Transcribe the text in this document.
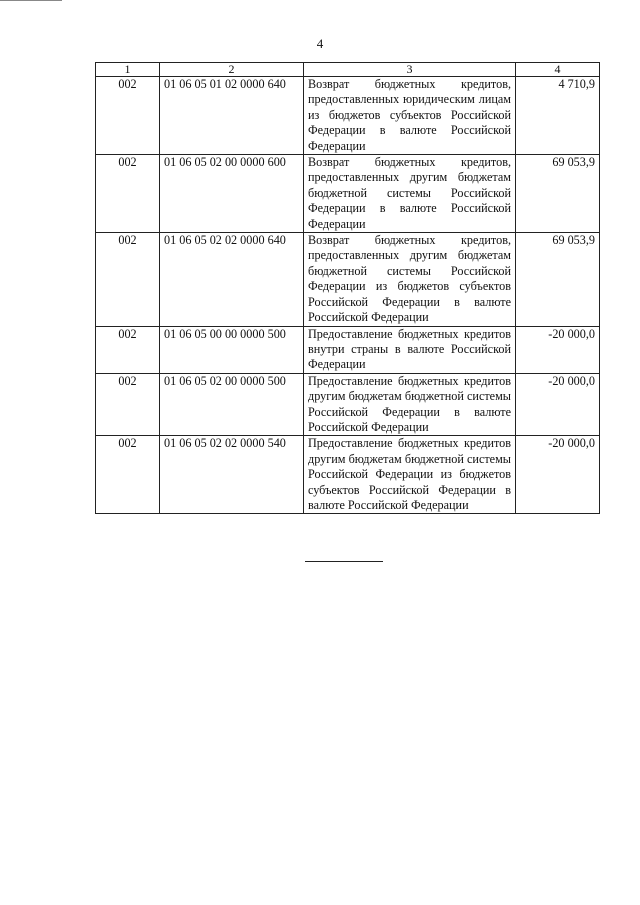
4
1	2	3	4
002	01 06 05 01 02 0000 640	Возврат бюджетных кредитов, предоставленных юридическим лицам из бюджетов субъектов Российской Федерации в валюте Российской Федерации	4 710,9
002	01 06 05 02 00 0000 600	Возврат бюджетных кредитов, предоставленных другим бюджетам бюджетной системы Российской Федерации в валюте Российской Федерации	69 053,9
002	01 06 05 02 02 0000 640	Возврат бюджетных кредитов, предоставленных другим бюджетам бюджетной системы Российской Федерации из бюджетов субъектов Российской Федерации в валюте Российской Федерации	69 053,9
002	01 06 05 00 00 0000 500	Предоставление бюджетных кредитов внутри страны в валюте Российской Федерации	-20 000,0
002	01 06 05 02 00 0000 500	Предоставление бюджетных кредитов другим бюджетам бюджетной системы Российской Федерации в валюте Российской Федерации	-20 000,0
002	01 06 05 02 02 0000 540	Предоставление бюджетных кредитов другим бюджетам бюджетной системы Российской Федерации из бюджетов субъектов Российской Федерации в валюте Российской Федерации	-20 000,0
